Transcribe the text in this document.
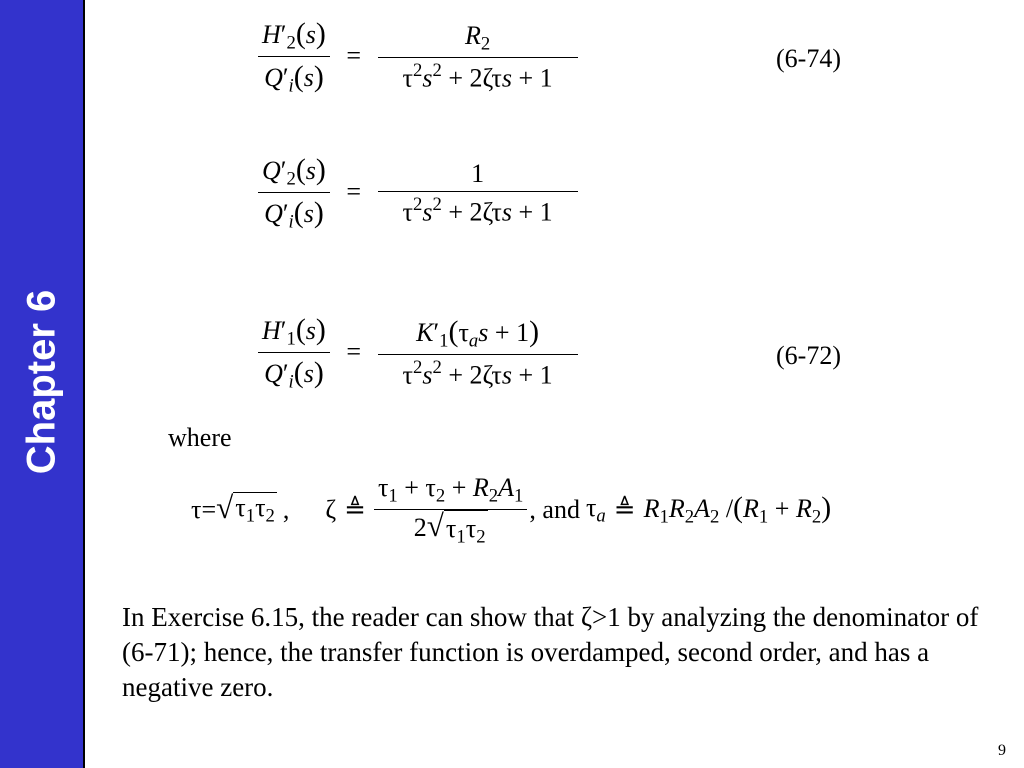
Chapter 6
$\frac{H'_2(s)}{Q'_i(s)} = \frac{R_2}{\tau^2s^2 + 2\zeta\tau s + 1}$	(6-74)
$\frac{Q'_2(s)}{Q'_i(s)} = \frac{1}{\tau^2s^2 + 2\zeta\tau s + 1}$
$\frac{H'_1(s)}{Q'_i(s)} = \frac{K'_1(\tau_as + 1)}{\tau^2s^2 + 2\zeta\tau s + 1}$	(6-72)
where
τ= √ $\tau_1\tau_2$ , ζ ≜ $\frac{\tau_1 + \tau_2 + R_2A_1}{2 √ \tau_1\tau_2}$ , and $\tau_a$ ≜ $R_1R_2A_2$ $/(R_1 + R_2)$
In Exercise 6.15, the reader can show that ζ>1 by analyzing the denominator of (6-71); hence, the transfer function is overdamped, second order, and has a negative zero.
9
